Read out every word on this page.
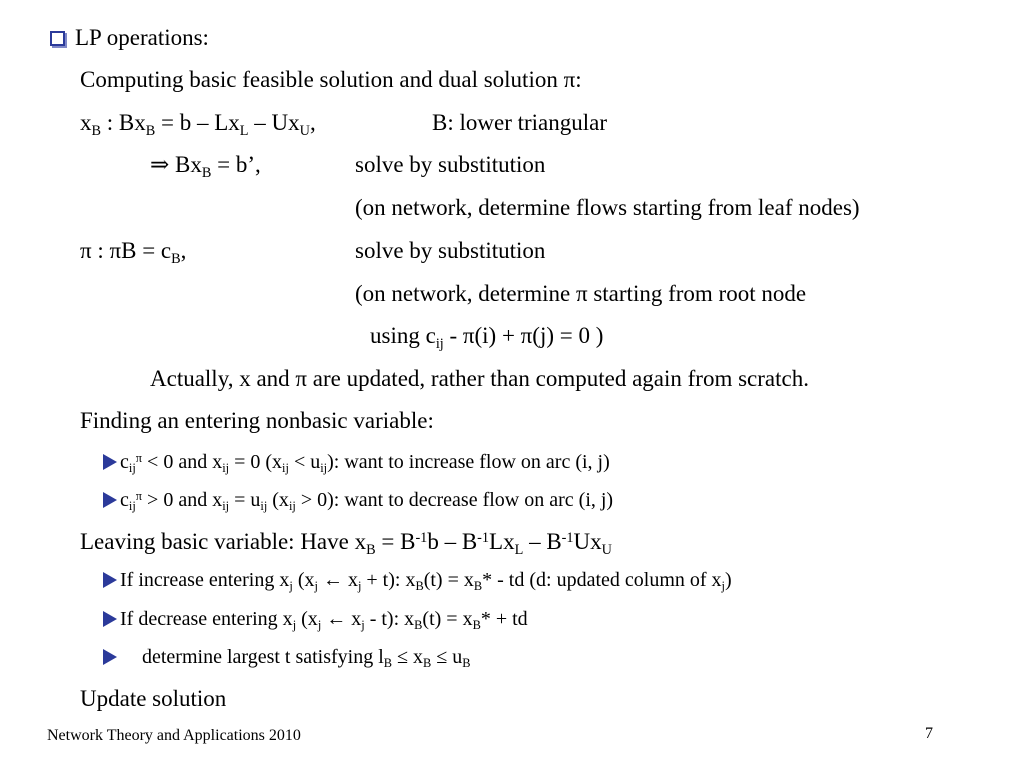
LP operations:
Computing basic feasible solution and dual solution π:
$x_B$ : $Bx_B = b - Lx_L - Ux_U$,	B: lower triangular
⇒ $Bx_B = b$’,	solve by substitution
(on network, determine flows starting from leaf nodes)
π : $\pi B = c_B$,	solve by substitution
(on network, determine π starting from root node
using $c_{ij} - \pi(i) + \pi(j) = 0$ )
Actually, x and π are updated, rather than computed again from scratch.
Finding an entering nonbasic variable:
$c_{ij}^\pi < 0$ and $x_{ij} = 0$ $(x_{ij} < u_{ij})$: want to increase flow on arc (i, j)
$c_{ij}^\pi > 0$ and $x_{ij} = u_{ij}$ $(x_{ij} > 0)$: want to decrease flow on arc (i, j)
Leaving basic variable: Have $x_B = B^{-1}b - B^{-1}Lx_L - B^{-1}Ux_U$
If increase entering $x_j$ ($x_j$ ← $x_j + t$): $x_B(t) = x_B*$ - td (d: updated column of $x_j$)
If decrease entering $x_j$ ($x_j$ ← $x_j - t$): $x_B(t) = x_B*$ + td
determine largest t satisfying $l_B \le x_B \le u_B$
Update solution
Network Theory and Applications 2010	7
